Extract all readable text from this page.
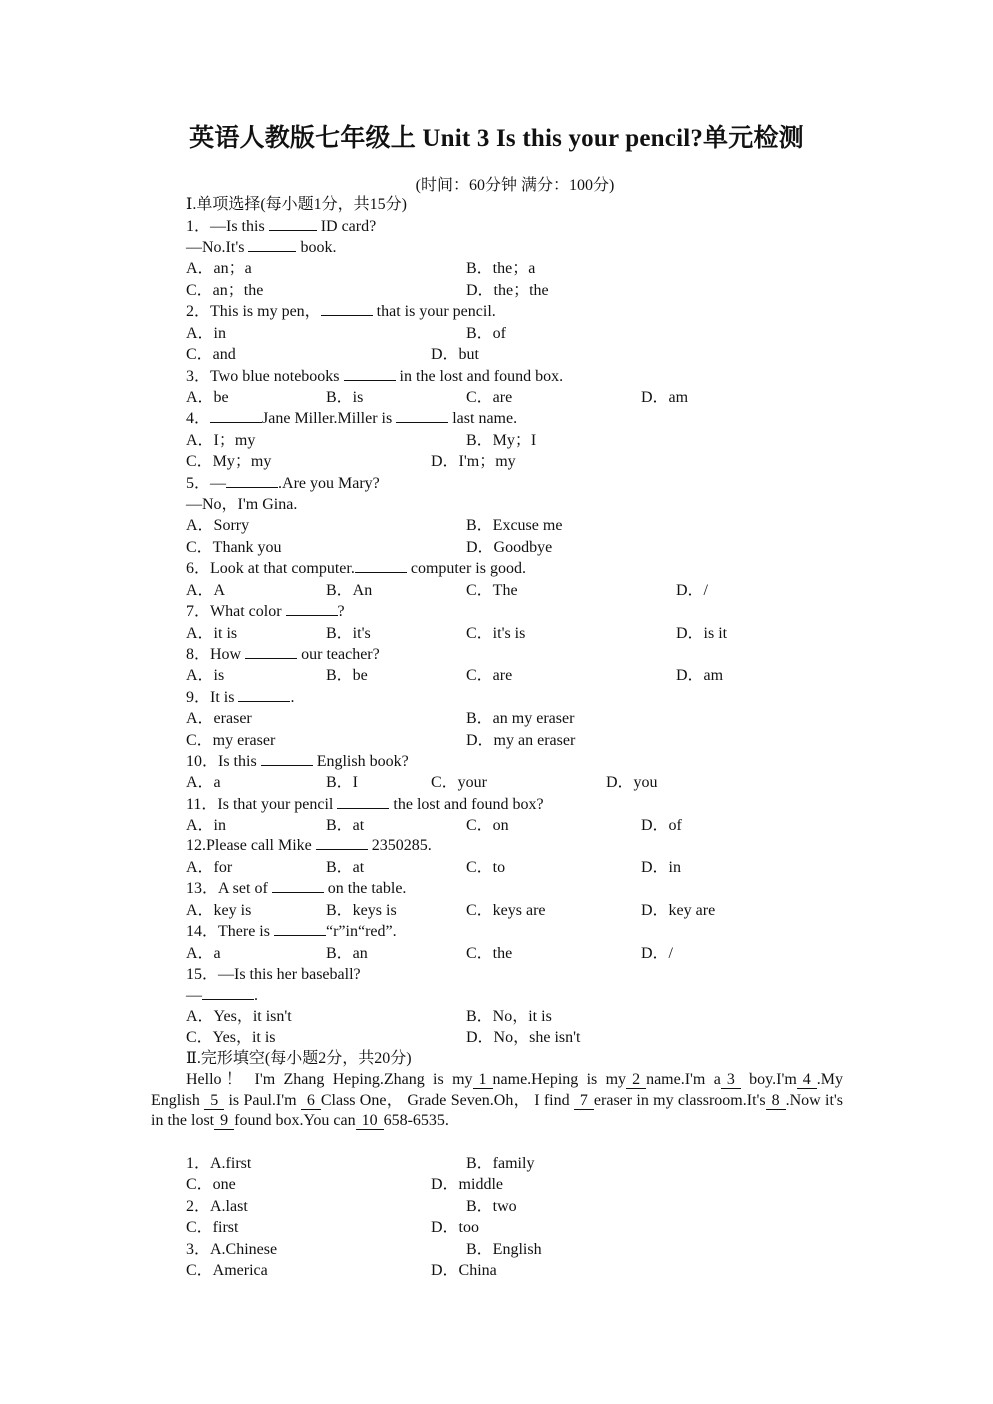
英语人教版七年级上 Unit 3 Is this your pencil?单元检测
(时间：60分钟 满分：100分)
Ⅰ.单项选择(每小题1分，共15分)
1．—Is this	ID card?
—No.It's	book.
A．an；a	B．the；a
C．an；the	D．the；the
2．This is my pen，	that is your pencil.
A．in	B．of
C．and	D．but
3．Two blue notebooks	in the lost and found box.
A．be	B．is	C．are	D．am
4．	Jane Miller.Miller is	last name.
A．I；my	B．My；I
C．My；my	D．I'm；my
5．—	.Are you Mary?
—No，I'm Gina.
A．Sorry	B．Excuse me
C．Thank you	D．Goodbye
6．Look at that computer.	computer is good.
A．A	B．An	C．The	D．/
7．What color	?
A．it is	B．it's	C．it's is	D．is it
8．How	our teacher?
A．is	B．be	C．are	D．am
9．It is	.
A．eraser	B．an my eraser
C．my eraser	D．my an eraser
10．Is this	English book?
A．a	B．I	C．your	D．you
11．Is that your pencil	the lost and found box?
A．in	B．at	C．on	D．of
12.Please call Mike	2350285.
A．for	B．at	C．to	D．in
13．A set of	on the table.
A．key is	B．keys is	C．keys are	D．key are
14．There is	“r”in“red”.
A．a	B．an	C．the	D．/
15．—Is this her baseball?
—	.
A．Yes，it isn't	B．No，it is
C．Yes，it is	D．No，she isn't
Ⅱ.完形填空(每小题2分，共20分)
Hello！ I'm Zhang Heping.Zhang is my 1 name.Heping is my 2 name.I'm a 3 boy.I'm 4 .My English 5 is Paul.I'm 6 Class One， Grade Seven.Oh， I find 7 eraser in my classroom.It's 8 .Now it's in the lost 9 found box.You can 10 658-6535.
1．A.first	B．family
C．one	D．middle
2．A.last	B．two
C．first	D．too
3．A.Chinese	B．English
C．America	D．China
